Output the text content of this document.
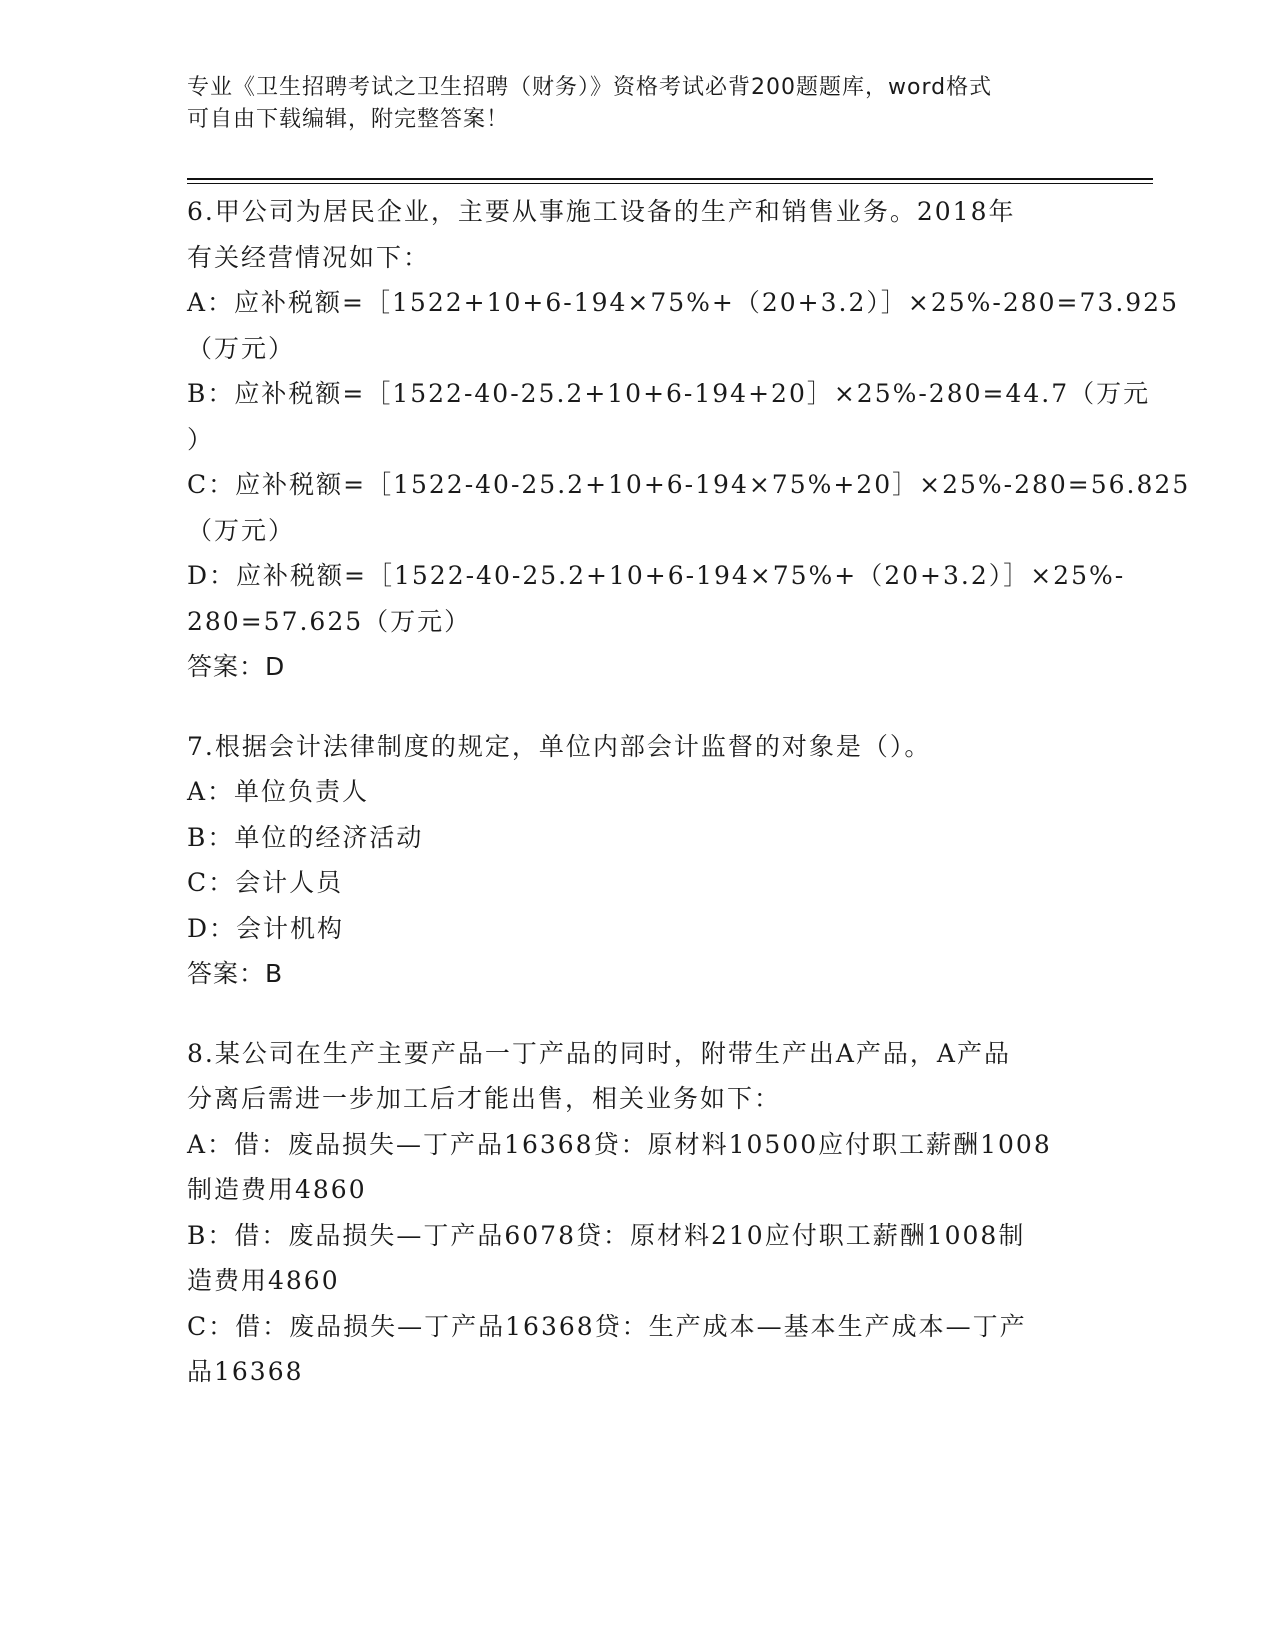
专业《卫生招聘考试之卫生招聘（财务）》资格考试必背200题题库，word格式
可自由下载编辑，附完整答案！
6.甲公司为居民企业，主要从事施工设备的生产和销售业务。2018年
有关经营情况如下：
A：应补税额=［1522+10+6-194×75%+（20+3.2）］×25%-280=73.925
（万元）
B：应补税额=［1522-40-25.2+10+6-194+20］×25%-280=44.7（万元
）
C：应补税额=［1522-40-25.2+10+6-194×75%+20］×25%-280=56.825
（万元）
D：应补税额=［1522-40-25.2+10+6-194×75%+（20+3.2）］×25%-
280=57.625（万元）
答案：D
7.根据会计法律制度的规定，单位内部会计监督的对象是（）。
A：单位负责人
B：单位的经济活动
C：会计人员
D：会计机构
答案：B
8.某公司在生产主要产品一丁产品的同时，附带生产出A产品，A产品
分离后需进一步加工后才能出售，相关业务如下：
A：借：废品损失—丁产品16368贷：原材料10500应付职工薪酬1008
制造费用4860
B：借：废品损失—丁产品6078贷：原材料210应付职工薪酬1008制
造费用4860
C：借：废品损失—丁产品16368贷：生产成本—基本生产成本—丁产
品16368
